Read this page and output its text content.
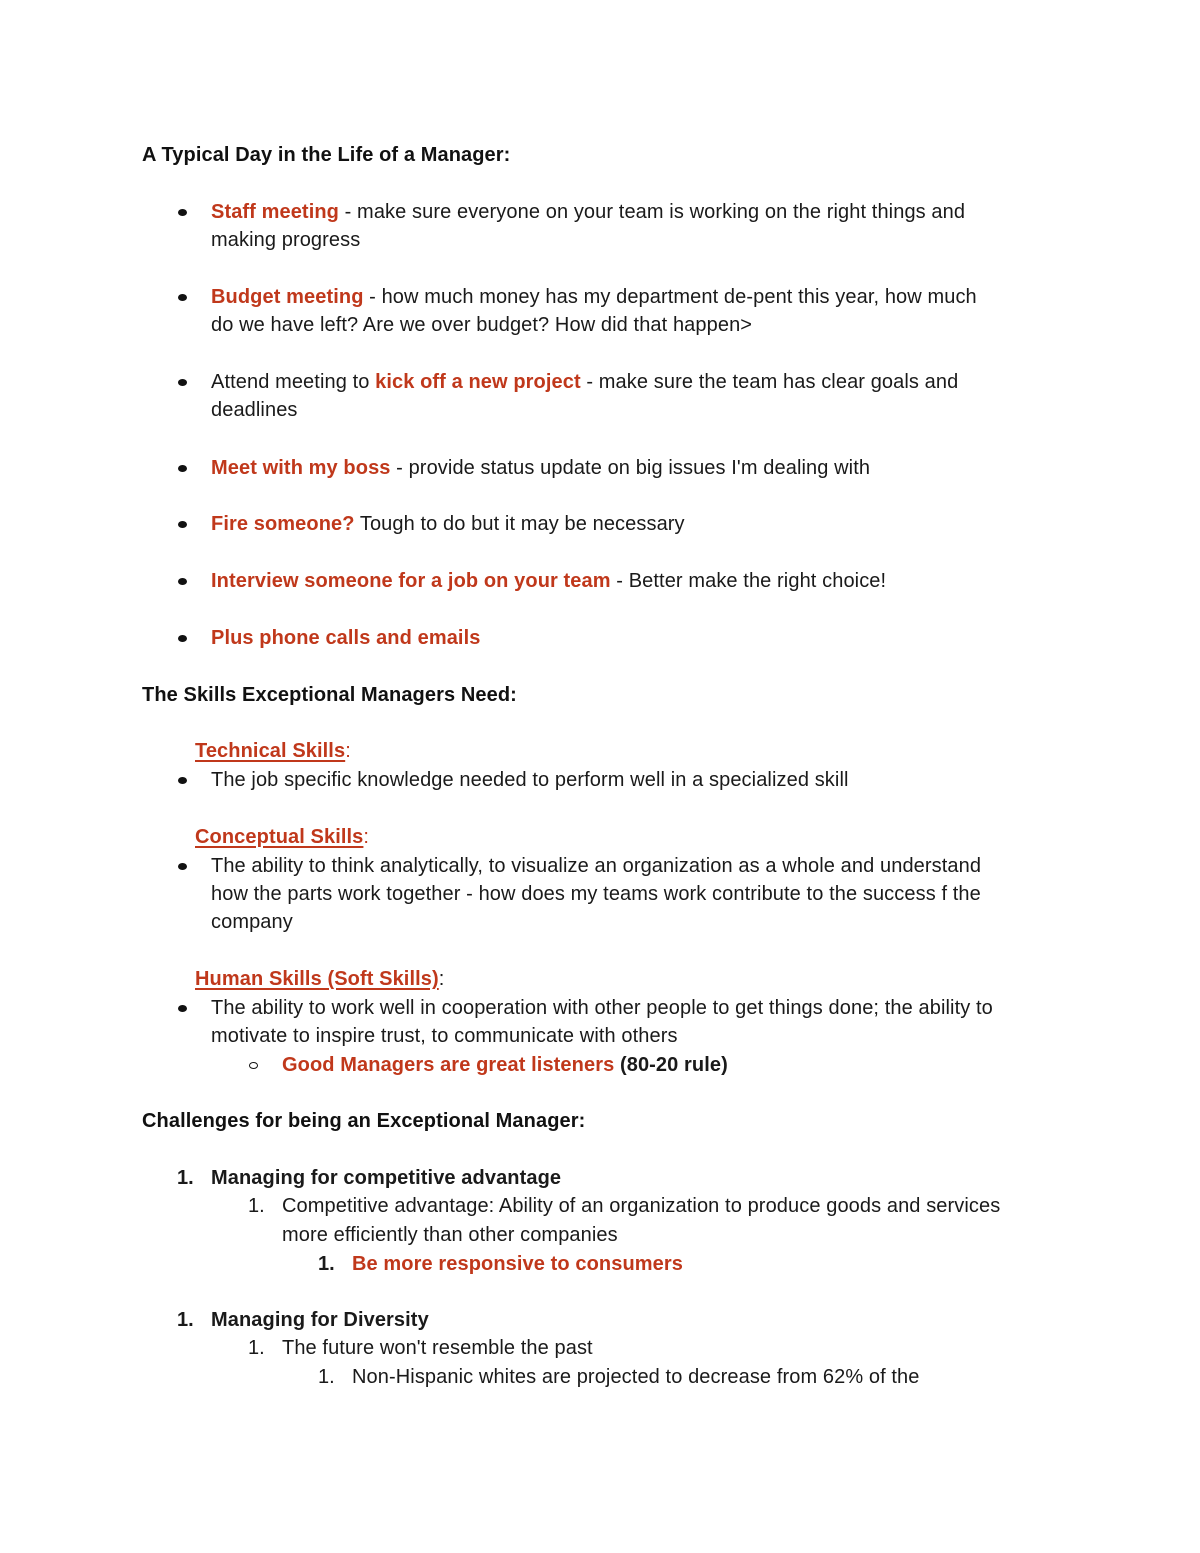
A Typical Day in the Life of a Manager:
Staff meeting - make sure everyone on your team is working on the right things and
making progress
Budget meeting - how much money has my department de-pent this year, how much
do we have left? Are we over budget? How did that happen>
Attend meeting to kick off a new project - make sure the team has clear goals and
deadlines
Meet with my boss - provide status update on big issues I'm dealing with
Fire someone? Tough to do but it may be necessary
Interview someone for a job on your team - Better make the right choice!
Plus phone calls and emails
The Skills Exceptional Managers Need:
Technical Skills:
The job specific knowledge needed to perform well in a specialized skill
Conceptual Skills:
The ability to think analytically, to visualize an organization as a whole and understand
how the parts work together - how does my teams work contribute to the success f the
company
Human Skills (Soft Skills):
The ability to work well in cooperation with other people to get things done; the ability to
motivate to inspire trust, to communicate with others
Good Managers are great listeners (80-20 rule)
Challenges for being an Exceptional Manager:
1. Managing for competitive advantage
1. Competitive advantage: Ability of an organization to produce goods and services
more efficiently than other companies
1. Be more responsive to consumers
1. Managing for Diversity
1. The future won't resemble the past
1. Non-Hispanic whites are projected to decrease from 62% of the
